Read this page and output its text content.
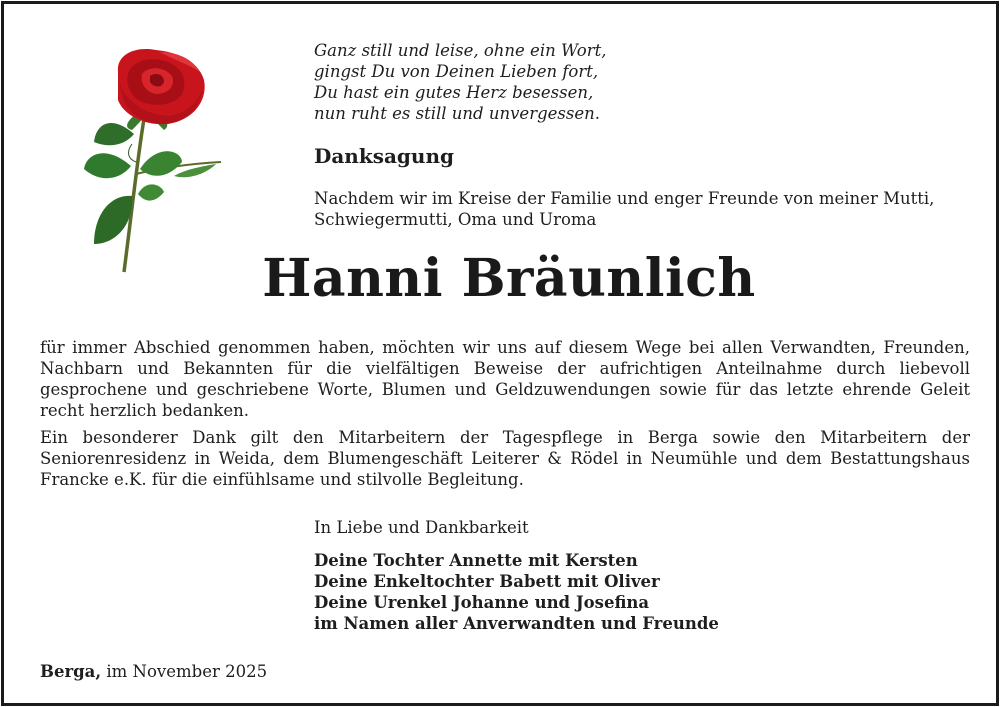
Ganz still und leise, ohne ein Wort,
gingst Du von Deinen Lieben fort,
Du hast ein gutes Herz besessen,
nun ruht es still und unvergessen.
Danksagung
Nachdem wir im Kreise der Familie und enger Freunde von meiner Mutti, Schwiegermutti, Oma und Uroma
Hanni Bräunlich

für immer Abschied genommen haben, möchten wir uns auf diesem Wege bei allen Verwandten, Freunden, Nachbarn und Bekannten für die vielfältigen Beweise der aufrichtigen Anteilnahme durch liebevoll gesprochene und geschriebene Worte, Blumen und Geldzuwendungen sowie für das letzte ehrende Geleit recht herzlich bedanken.

Ein besonderer Dank gilt den Mitarbeitern der Tagespflege in Berga sowie den Mitarbeitern der Seniorenresidenz in Weida, dem Blumengeschäft Leiterer & Rödel in Neumühle und dem Bestattungshaus Francke e.K. für die einfühlsame und stilvolle Begleitung.

In Liebe und Dankbarkeit
Deine Tochter Annette mit Kersten
Deine Enkeltochter Babett mit Oliver
Deine Urenkel Johanne und Josefina
im Namen aller Anverwandten und Freunde
Berga, im November 2025
